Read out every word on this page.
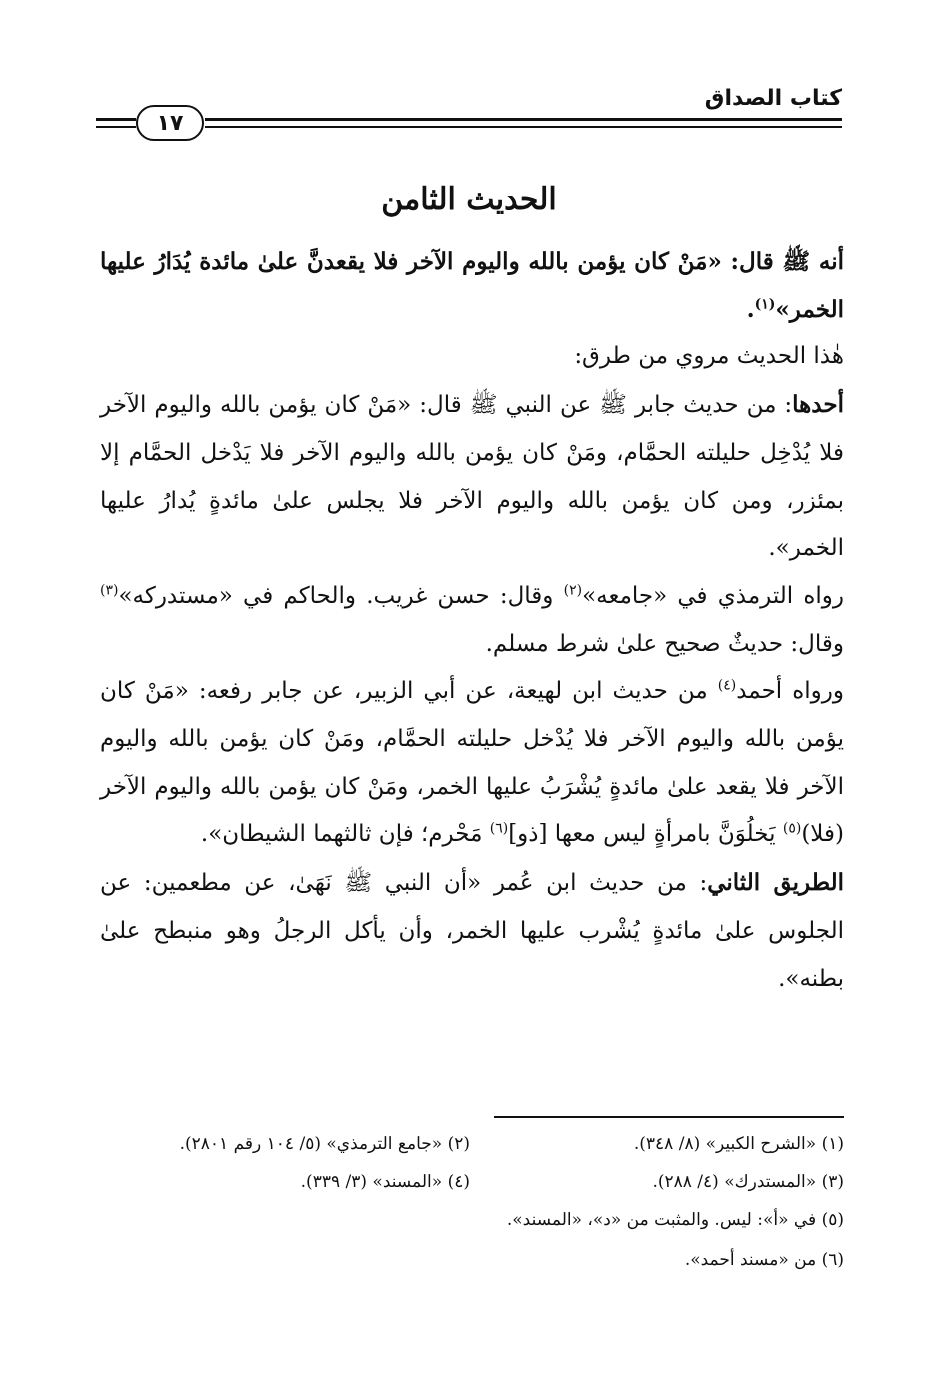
كتاب الصداق
١٧
الحديث الثامن

أنه ﷺ قال: «مَنْ كان يؤمن بالله واليوم الآخر فلا يقعدنَّ علىٰ مائدة يُدَارُ عليها الخمر»$^{(١)}$.

هٰذا الحديث مروي من طرق:

أحدها: من حديث جابر ﷺ عن النبي ﷺ قال: «مَنْ كان يؤمن بالله واليوم الآخر فلا يُدْخِل حليلته الحمَّام، ومَنْ كان يؤمن بالله واليوم الآخر فلا يَدْخل الحمَّام إلا بمئزر، ومن كان يؤمن بالله واليوم الآخر فلا يجلس علىٰ مائدةٍ يُدارُ عليها الخمر».

رواه الترمذي في «جامعه»$^{(٢)}$ وقال: حسن غريب. والحاكم في «مستدركه»$^{(٣)}$ وقال: حديثٌ صحيح علىٰ شرط مسلم.

ورواه أحمد$^{(٤)}$ من حديث ابن لهيعة، عن أبي الزبير، عن جابر رفعه: «مَنْ كان يؤمن بالله واليوم الآخر فلا يُدْخل حليلته الحمَّام، ومَنْ كان يؤمن بالله واليوم الآخر فلا يقعد علىٰ مائدةٍ يُشْرَبُ عليها الخمر، ومَنْ كان يؤمن بالله واليوم الآخر (فلا)$^{(٥)}$ يَخلُوَنَّ بامرأةٍ ليس معها [ذو]$^{(٦)}$ مَحْرم؛ فإن ثالثهما الشيطان».

الطريق الثاني: من حديث ابن عُمر «أن النبي ﷺ نَهَىٰ، عن مطعمين: عن الجلوس علىٰ مائدةٍ يُشْرب عليها الخمر، وأن يأكل الرجلُ وهو منبطح علىٰ بطنه».

(١) «الشرح الكبير» (٨/ ٣٤٨).
(٢) «جامع الترمذي» (٥/ ١٠٤ رقم ٢٨٠١).
(٣) «المستدرك» (٤/ ٢٨٨).
(٤) «المسند» (٣/ ٣٣٩).
(٥) في «أ»: ليس. والمثبت من «د»، «المسند».
(٦) من «مسند أحمد».
